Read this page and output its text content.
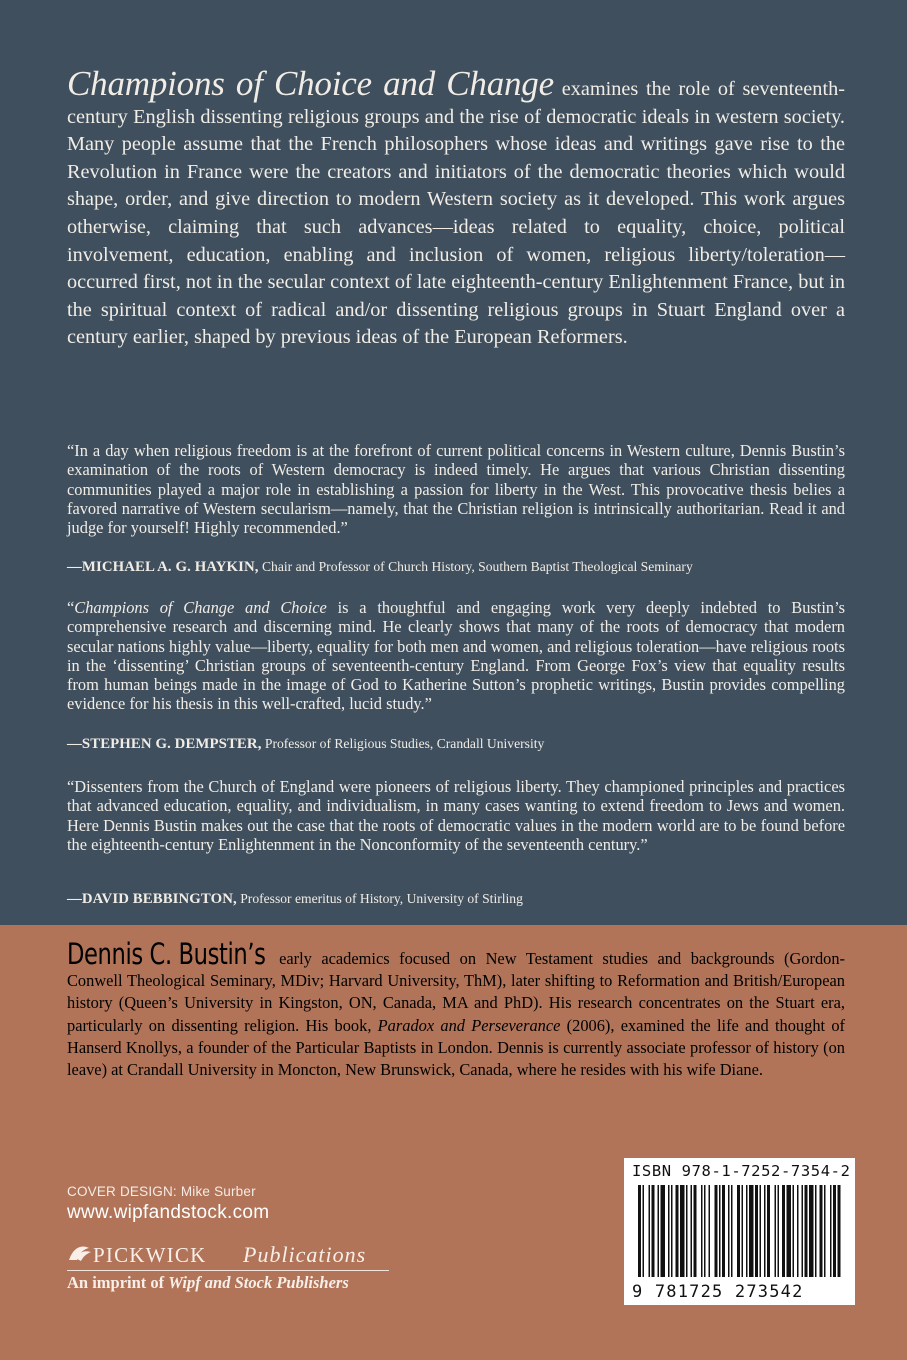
Champions of Choice and Change examines the role of seventeenth-century English dissenting religious groups and the rise of democratic ideals in western society. Many people assume that the French philosophers whose ideas and writings gave rise to the Revolution in France were the creators and initiators of the democratic theories which would shape, order, and give direction to modern Western society as it developed. This work argues otherwise, claiming that such advances—ideas related to equality, choice, political involvement, education, enabling and inclusion of women, religious liberty/toleration—occurred first, not in the secular context of late eighteenth-century Enlightenment France, but in the spiritual context of radical and/or dissenting religious groups in Stuart England over a century earlier, shaped by previous ideas of the European Reformers.
“In a day when religious freedom is at the forefront of current political concerns in Western culture, Dennis Bustin’s examination of the roots of Western democracy is indeed timely. He argues that various Christian dissenting communities played a major role in establishing a passion for liberty in the West. This provocative thesis belies a favored narrative of Western secularism—namely, that the Christian religion is intrinsically authoritarian. Read it and judge for yourself! Highly recommended.”
—MICHAEL A. G. HAYKIN, Chair and Professor of Church History, Southern Baptist Theological Seminary
“Champions of Change and Choice is a thoughtful and engaging work very deeply indebted to Bustin’s comprehensive research and discerning mind. He clearly shows that many of the roots of democracy that modern secular nations highly value—liberty, equality for both men and women, and religious toleration—have religious roots in the ‘dissenting’ Christian groups of seventeenth-century England. From George Fox’s view that equality results from human beings made in the image of God to Katherine Sutton’s prophetic writings, Bustin provides compelling evidence for his thesis in this well-crafted, lucid study.”
—STEPHEN G. DEMPSTER, Professor of Religious Studies, Crandall University
“Dissenters from the Church of England were pioneers of religious liberty. They championed principles and practices that advanced education, equality, and individualism, in many cases wanting to extend freedom to Jews and women. Here Dennis Bustin makes out the case that the roots of democratic values in the modern world are to be found before the eighteenth-century Enlightenment in the Nonconformity of the seventeenth century.”
—DAVID BEBBINGTON, Professor emeritus of History, University of Stirling
Dennis C. Bustin’s early academics focused on New Testament studies and backgrounds (Gordon-Conwell Theological Seminary, MDiv; Harvard University, ThM), later shifting to Reformation and British/European history (Queen’s University in Kingston, ON, Canada, MA and PhD). His research concentrates on the Stuart era, particularly on dissenting religion. His book, Paradox and Perseverance (2006), examined the life and thought of Hanserd Knollys, a founder of the Particular Baptists in London. Dennis is currently associate professor of history (on leave) at Crandall University in Moncton, New Brunswick, Canada, where he resides with his wife Diane.
COVER DESIGN: Mike Surber
www.wipfandstock.com
PICKWICK Publications
An imprint of Wipf and Stock Publishers
ISBN 978-1-7252-7354-2
9 781725 273542
